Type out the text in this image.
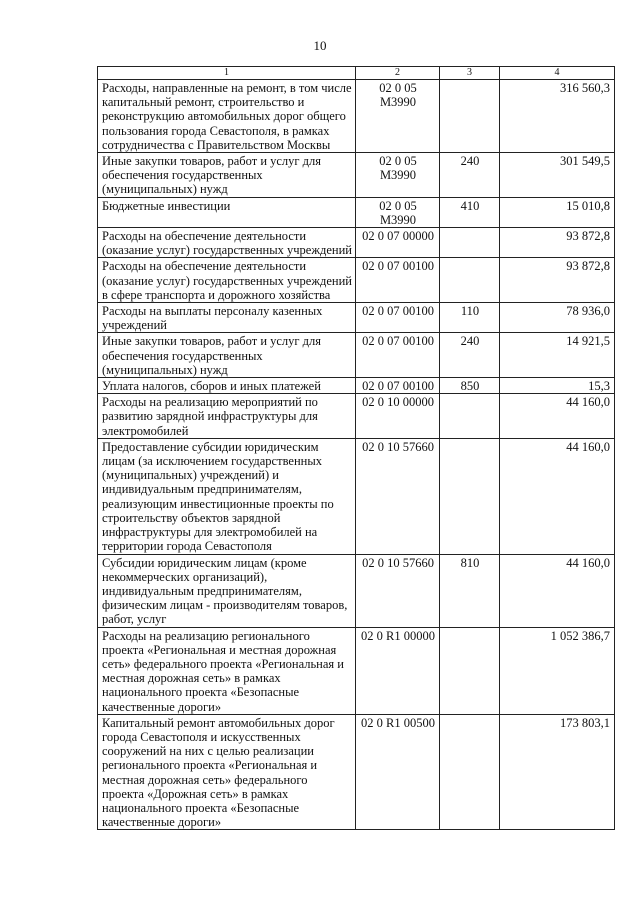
10
1	2	3	4
Расходы, направленные на ремонт, в том числе капитальный ремонт, строительство и реконструкцию автомобильных дорог общего пользования города Севастополя, в рамках сотрудничества с Правительством Москвы	02 0 05 М3990		316 560,3
Иные закупки товаров, работ и услуг для обеспечения государственных (муниципальных) нужд	02 0 05 М3990	240	301 549,5
Бюджетные инвестиции	02 0 05 М3990	410	15 010,8
Расходы на обеспечение деятельности (оказание услуг) государственных учреждений	02 0 07 00000		93 872,8
Расходы на обеспечение деятельности (оказание услуг) государственных учреждений в сфере транспорта и дорожного хозяйства	02 0 07 00100		93 872,8
Расходы на выплаты персоналу казенных учреждений	02 0 07 00100	110	78 936,0
Иные закупки товаров, работ и услуг для обеспечения государственных (муниципальных) нужд	02 0 07 00100	240	14 921,5
Уплата налогов, сборов и иных платежей	02 0 07 00100	850	15,3
Расходы на реализацию мероприятий по развитию зарядной инфраструктуры для электромобилей	02 0 10 00000		44 160,0
Предоставление субсидии юридическим лицам (за исключением государственных (муниципальных) учреждений) и индивидуальным предпринимателям, реализующим инвестиционные проекты по строительству объектов зарядной инфраструктуры для электромобилей на территории города Севастополя	02 0 10 57660		44 160,0
Субсидии юридическим лицам (кроме некоммерческих организаций), индивидуальным предпринимателям, физическим лицам - производителям товаров, работ, услуг	02 0 10 57660	810	44 160,0
Расходы на реализацию регионального проекта «Региональная и местная дорожная сеть» федерального проекта «Региональная и местная дорожная сеть» в рамках национального проекта «Безопасные качественные дороги»	02 0 R1 00000		1 052 386,7
Капитальный ремонт автомобильных дорог города Севастополя и искусственных сооружений на них с целью реализации регионального проекта «Региональная и местная дорожная сеть» федерального проекта «Дорожная сеть» в рамках национального проекта «Безопасные качественные дороги»	02 0 R1 00500		173 803,1
